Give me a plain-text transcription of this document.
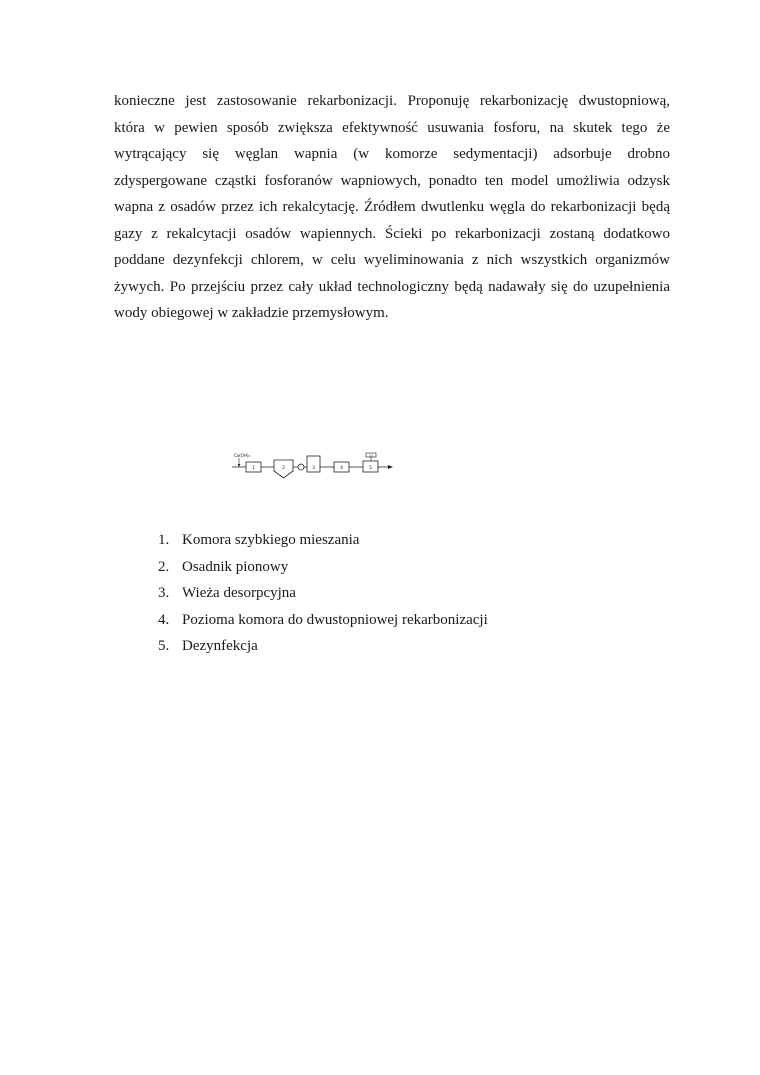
konieczne jest zastosowanie rekarbonizacji. Proponuję rekarbonizację dwustopniową,
która w pewien sposób zwiększa efektywność usuwania fosforu, na skutek tego że
wytrącający się węglan wapnia (w komorze sedymentacji) adsorbuje drobno
zdyspergowane cząstki fosforanów wapniowych, ponadto ten model umożliwia odzysk
wapna z osadów przez ich rekalcytację. Źródłem dwutlenku węgla do rekarbonizacji będą
gazy z rekalcytacji osadów wapiennych. Ścieki po rekarbonizacji zostaną dodatkowo
poddane dezynfekcji chlorem, w celu wyeliminowania z nich wszystkich organizmów
żywych. Po przejściu przez cały układ technologiczny będą nadawały się do uzupełnienia
wody obiegowej w zakładzie przemysłowym.

Ca(OH)₂
1	2	3	4
Cl₂
5
1. Komora szybkiego mieszania
2. Osadnik pionowy
3. Wieża desorpcyjna
4. Pozioma komora do dwustopniowej rekarbonizacji
5. Dezynfekcja
